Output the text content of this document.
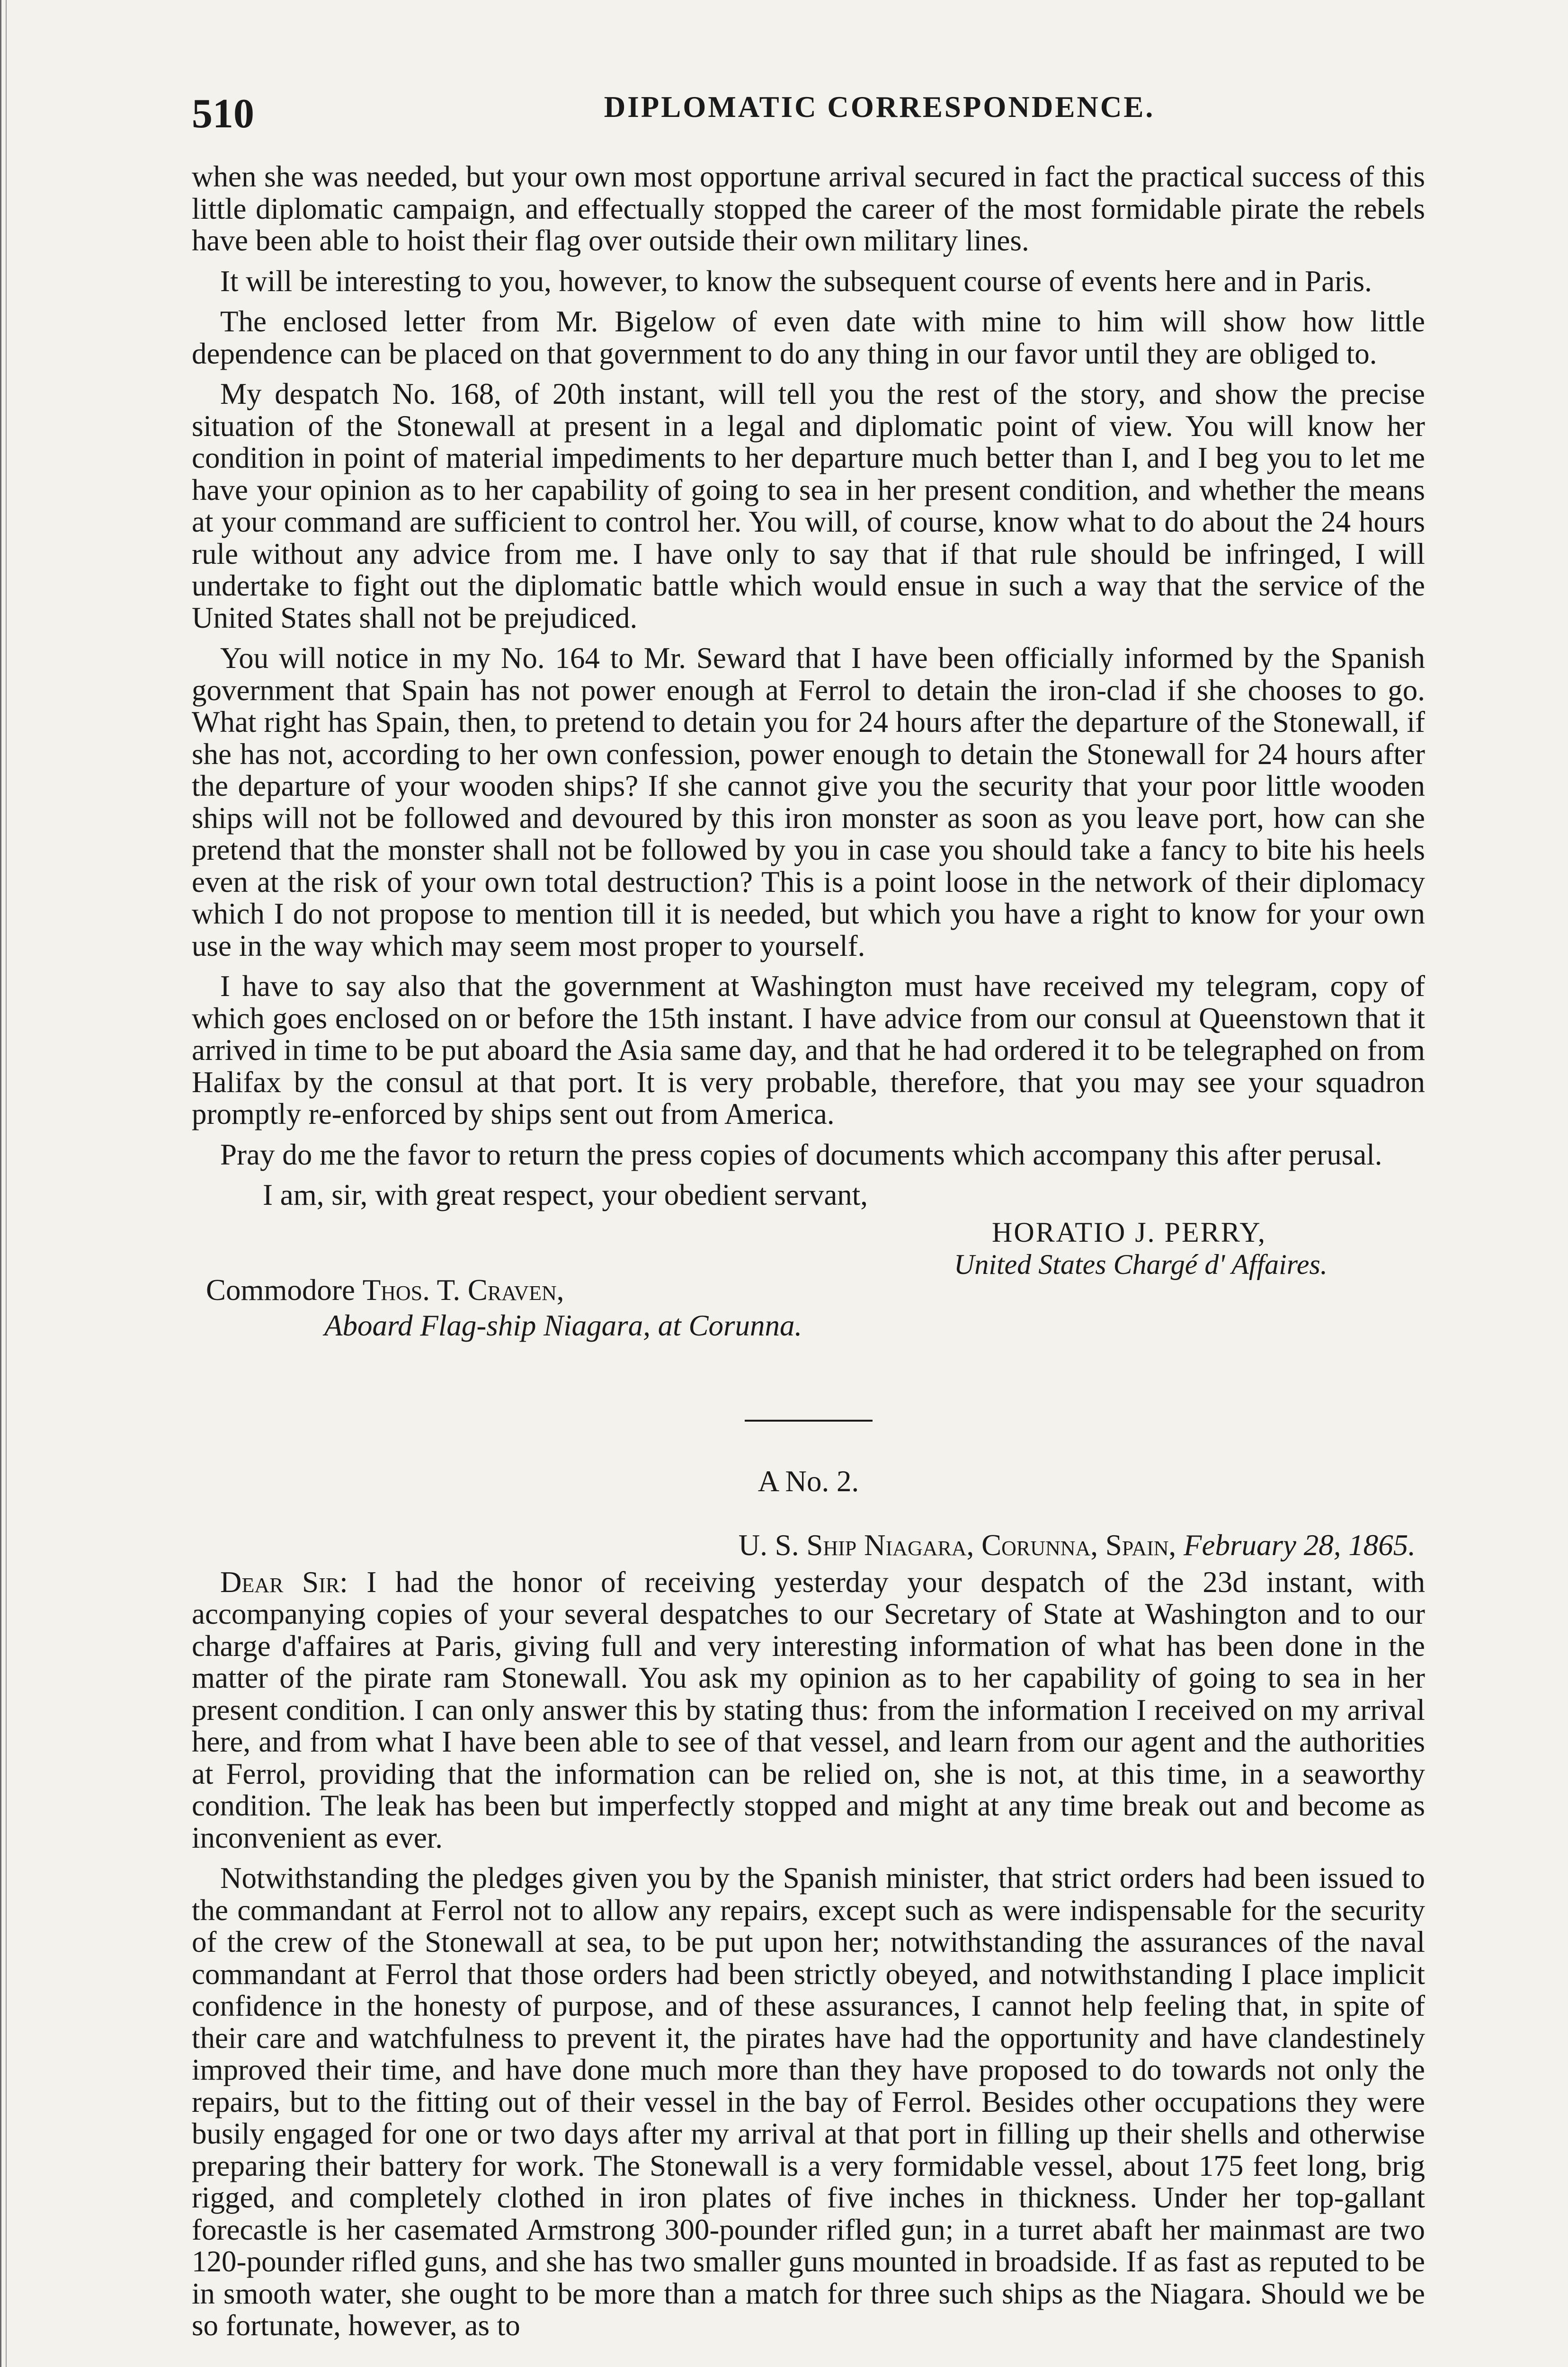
510	DIPLOMATIC CORRESPONDENCE.

when she was needed, but your own most opportune arrival secured in fact the practical success of this little diplomatic campaign, and effectually stopped the career of the most formidable pirate the rebels have been able to hoist their flag over outside their own military lines.

It will be interesting to you, however, to know the subsequent course of events here and in Paris.

The enclosed letter from Mr. Bigelow of even date with mine to him will show how little dependence can be placed on that government to do any thing in our favor until they are obliged to.

My despatch No. 168, of 20th instant, will tell you the rest of the story, and show the precise situation of the Stonewall at present in a legal and diplomatic point of view. You will know her condition in point of material impediments to her departure much better than I, and I beg you to let me have your opinion as to her capability of going to sea in her present condition, and whether the means at your command are sufficient to control her. You will, of course, know what to do about the 24 hours rule without any advice from me. I have only to say that if that rule should be infringed, I will undertake to fight out the diplomatic battle which would ensue in such a way that the service of the United States shall not be prejudiced.

You will notice in my No. 164 to Mr. Seward that I have been officially informed by the Spanish government that Spain has not power enough at Ferrol to detain the iron-clad if she chooses to go. What right has Spain, then, to pretend to detain you for 24 hours after the departure of the Stonewall, if she has not, according to her own confession, power enough to detain the Stonewall for 24 hours after the departure of your wooden ships? If she cannot give you the security that your poor little wooden ships will not be followed and devoured by this iron monster as soon as you leave port, how can she pretend that the monster shall not be followed by you in case you should take a fancy to bite his heels even at the risk of your own total destruction? This is a point loose in the network of their diplomacy which I do not propose to mention till it is needed, but which you have a right to know for your own use in the way which may seem most proper to yourself.

I have to say also that the government at Washington must have received my telegram, copy of which goes enclosed on or before the 15th instant. I have advice from our consul at Queenstown that it arrived in time to be put aboard the Asia same day, and that he had ordered it to be telegraphed on from Halifax by the consul at that port. It is very probable, therefore, that you may see your squadron promptly re-enforced by ships sent out from America.

Pray do me the favor to return the press copies of documents which accompany this after perusal.

I am, sir, with great respect, your obedient servant,
HORATIO J. PERRY,
United States Chargé d' Affaires.
Commodore Thos. T. Craven,
Aboard Flag-ship Niagara, at Corunna.
A No. 2.
U. S. Ship Niagara, Corunna, Spain, February 28, 1865.

Dear Sir: I had the honor of receiving yesterday your despatch of the 23d instant, with accompanying copies of your several despatches to our Secretary of State at Washington and to our charge d'affaires at Paris, giving full and very interesting information of what has been done in the matter of the pirate ram Stonewall. You ask my opinion as to her capability of going to sea in her present condition. I can only answer this by stating thus: from the information I received on my arrival here, and from what I have been able to see of that vessel, and learn from our agent and the authorities at Ferrol, providing that the information can be relied on, she is not, at this time, in a seaworthy condition. The leak has been but imperfectly stopped and might at any time break out and become as inconvenient as ever.

Notwithstanding the pledges given you by the Spanish minister, that strict orders had been issued to the commandant at Ferrol not to allow any repairs, except such as were indispensable for the security of the crew of the Stonewall at sea, to be put upon her; notwithstanding the assurances of the naval commandant at Ferrol that those orders had been strictly obeyed, and notwithstanding I place implicit confidence in the honesty of purpose, and of these assurances, I cannot help feeling that, in spite of their care and watchfulness to prevent it, the pirates have had the opportunity and have clandestinely improved their time, and have done much more than they have proposed to do towards not only the repairs, but to the fitting out of their vessel in the bay of Ferrol. Besides other occupations they were busily engaged for one or two days after my arrival at that port in filling up their shells and otherwise preparing their battery for work. The Stonewall is a very formidable vessel, about 175 feet long, brig rigged, and completely clothed in iron plates of five inches in thickness. Under her top-gallant forecastle is her casemated Armstrong 300-pounder rifled gun; in a turret abaft her mainmast are two 120-pounder rifled guns, and she has two smaller guns mounted in broadside. If as fast as reputed to be in smooth water, she ought to be more than a match for three such ships as the Niagara. Should we be so fortunate, however, as to
